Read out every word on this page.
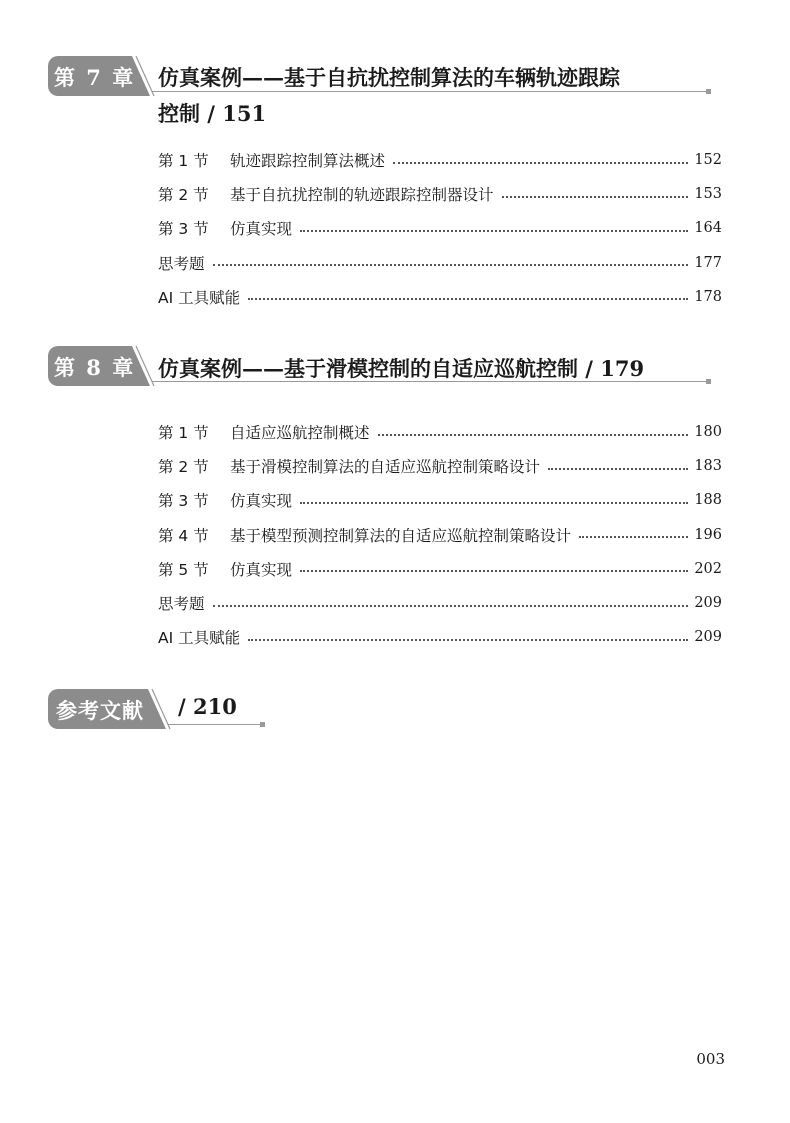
第 7 章 仿真案例——基于自抗扰控制算法的车辆轨迹跟踪
控制 / 151
第 1 节	轨迹跟踪控制算法概述	152
第 2 节	基于自抗扰控制的轨迹跟踪控制器设计	153
第 3 节	仿真实现	164
思考题	177
AI 工具赋能	178
第 8 章 仿真案例——基于滑模控制的自适应巡航控制 / 179
第 1 节	自适应巡航控制概述	180
第 2 节	基于滑模控制算法的自适应巡航控制策略设计	183
第 3 节	仿真实现	188
第 4 节	基于模型预测控制算法的自适应巡航控制策略设计	196
第 5 节	仿真实现	202
思考题	209
AI 工具赋能	209
参考文献 / 210
003
